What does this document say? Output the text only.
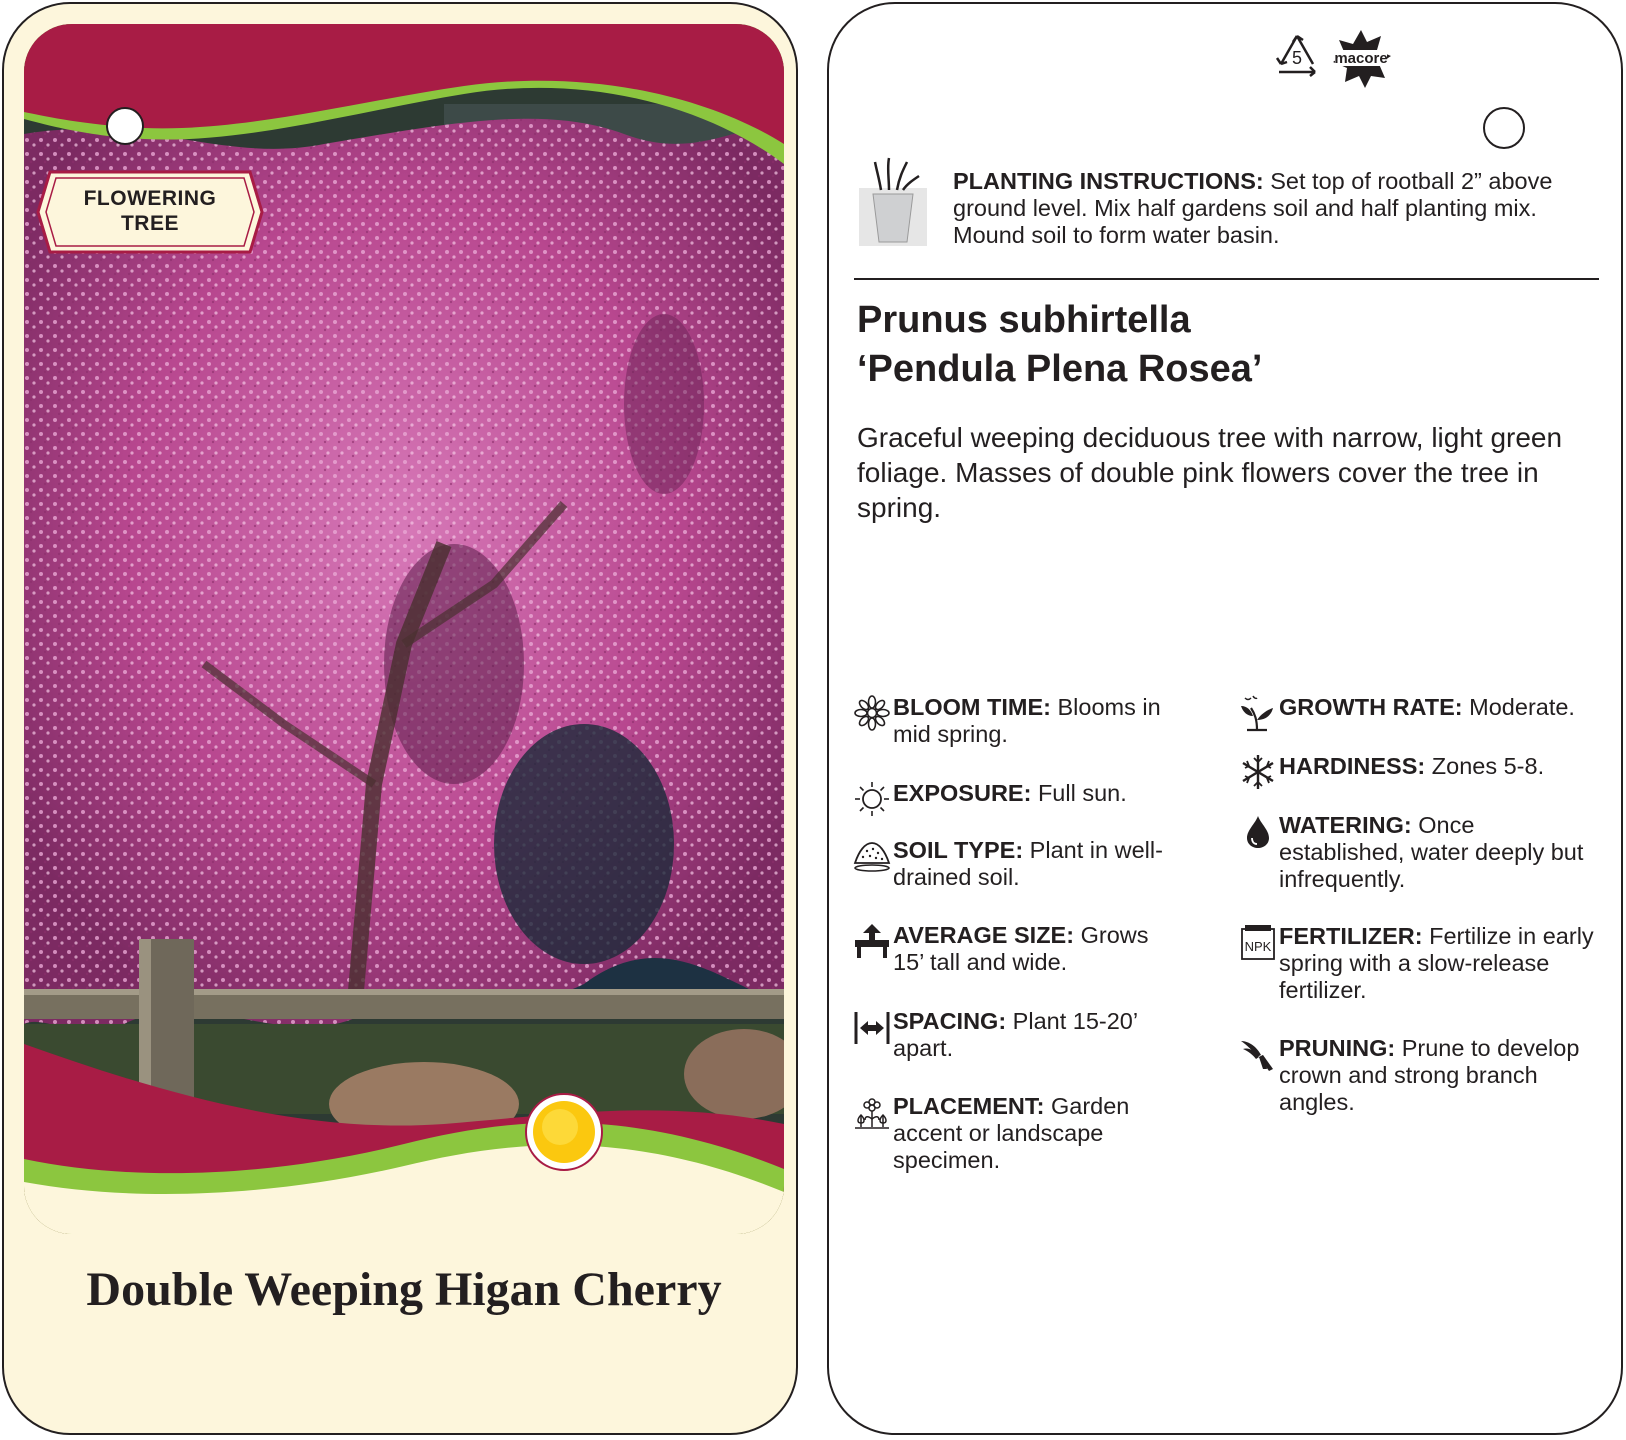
FLOWERING
TREE
Double Weeping Higan Cherry
5 macore
PLANTING INSTRUCTIONS: Set top of rootball 2” above ground level. Mix half gardens soil and half planting mix. Mound soil to form water basin.
Prunus subhirtella
‘Pendula Plena Rosea’
Graceful weeping deciduous tree with narrow, light green foliage. Masses of double pink flowers cover the tree in spring.
BLOOM TIME: Blooms in mid spring.
EXPOSURE: Full sun.
SOIL TYPE: Plant in well-drained soil.
AVERAGE SIZE: Grows 15’ tall and wide.
SPACING: Plant 15-20’ apart.
PLACEMENT: Garden accent or landscape specimen.
GROWTH RATE: Moderate.
HARDINESS: Zones 5-8.
WATERING: Once established, water deeply but infrequently.
NPK FERTILIZER: Fertilize in early spring with a slow-release fertilizer.
PRUNING: Prune to develop crown and strong branch angles.
